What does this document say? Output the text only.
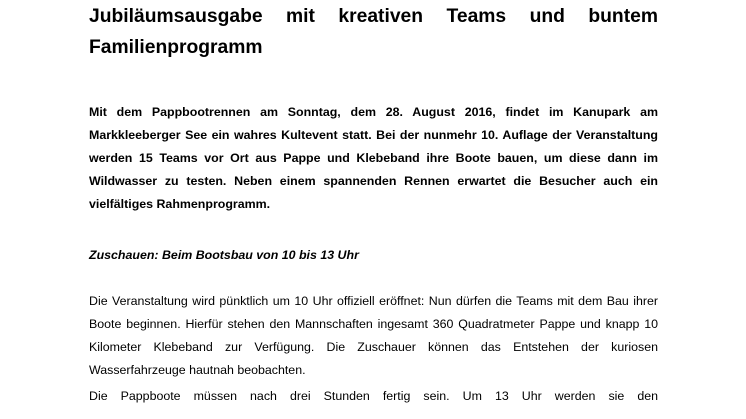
Jubiläumsausgabe mit kreativen Teams und buntem Familienprogramm

Mit dem Pappbootrennen am Sonntag, dem 28. August 2016, findet im Kanupark am Markkleeberger See ein wahres Kultevent statt. Bei der nunmehr 10. Auflage der Veranstaltung werden 15 Teams vor Ort aus Pappe und Klebeband ihre Boote bauen, um diese dann im Wildwasser zu testen. Neben einem spannenden Rennen erwartet die Besucher auch ein vielfältiges Rahmenprogramm.

Zuschauen: Beim Bootsbau von 10 bis 13 Uhr

Die Veranstaltung wird pünktlich um 10 Uhr offiziell eröffnet: Nun dürfen die Teams mit dem Bau ihrer Boote beginnen. Hierfür stehen den Mannschaften ingesamt 360 Quadratmeter Pappe und knapp 10 Kilometer Klebeband zur Verfügung. Die Zuschauer können das Entstehen der kuriosen Wasserfahrzeuge hautnah beobachten.

Die Pappboote müssen nach drei Stunden fertig sein. Um 13 Uhr werden sie den
